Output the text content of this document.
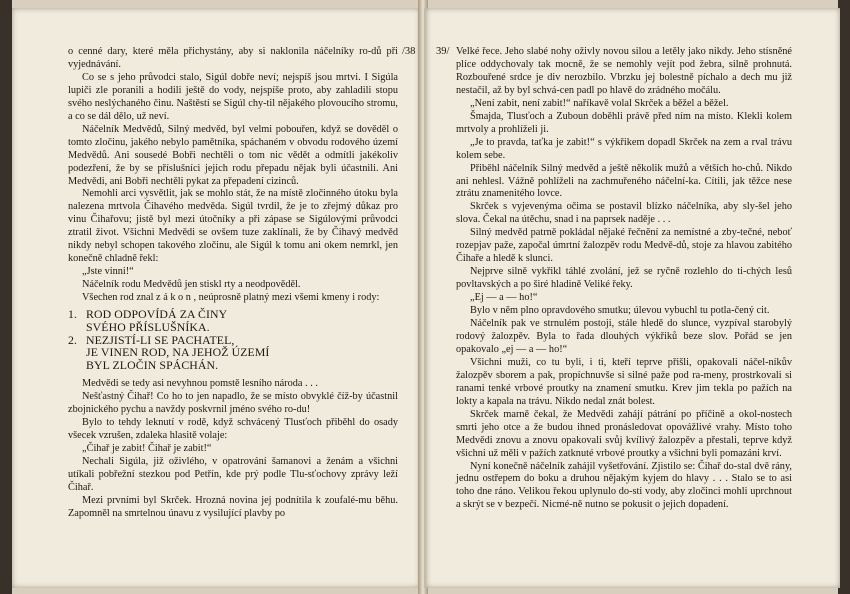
/38

o cenné dary, které měla přichystány, aby si naklonila náčelníky ro-dů při vyjednávání.

Co se s jeho průvodci stalo, Sigúl dobře neví; nejspíš jsou mrtvi. I Sigúla lupiči zle poranili a hodili ještě do vody, nejspíše proto, aby zahladili stopu svého neslýchaného činu. Naštěstí se Sigúl chy-til nějakého plovoucího stromu, a co se dál dělo, už neví.

Náčelník Medvědů, Silný medvěd, byl velmi pobouřen, když se dověděl o tomto zločinu, jakého nebylo pamětníka, spáchaném v obvodu rodového území Medvědů. Ani sousedé Bobři nechtěli o tom nic vědět a odmítli jakékoliv podezření, že by se příslušníci jejich rodu přepadu nějak byli účastnili. Ani Medvědi, ani Bobři nechtěli pykat za přepadení cizinců.

Nemohli arci vysvětlit, jak se mohlo stát, že na místě zločinného útoku byla nalezena mrtvola Čihavého medvěda. Sigúl tvrdil, že je to zřejmý důkaz pro vinu Čihařovu; jistě byl mezi útočníky a při zápase se Sigúlovými průvodci ztratil život. Všichni Medvědi se ovšem tuze zaklínali, že by Čihavý medvěd nikdy nebyl schopen takového zločinu, ale Sigúl k tomu ani okem nemrkl, jen konečně chladně řekl:

„Jste vinni!“

Náčelník rodu Medvědů jen stiskl rty a neodpověděl.

Všechen rod znal z á k o n , neúprosně platný mezi všemi kmeny i rody:

1. ROD ODPOVÍDÁ ZA ČINY
SVÉHO PŘÍSLUŠNÍKA.
2. NEZJISTÍ-LI SE PACHATEL,
JE VINEN ROD, NA JEHOŽ ÚZEMÍ
BYL ZLOČIN SPÁCHÁN.

Medvědi se tedy asi nevyhnou pomstě lesního národa . . .

Nešťastný Čihař! Co ho to jen napadlo, že se místo obvyklé číž-by účastnil zbojnického pychu a navždy poskvrnil jméno svého ro-du!

Bylo to tehdy leknutí v rodě, když schvácený Tlusťoch přiběhl do osady všecek vzrušen, zdaleka hlasitě volaje:

„Čihař je zabit! Čihař je zabit!“

Nechali Sigúla, již oživlého, v opatrování šamanovi a ženám a všichni utíkali pobřežní stezkou pod Petřín, kde prý podle Tlu-sťochovy zprávy leží Čihař.

Mezi prvními byl Skrček. Hrozná novina jej podnítila k zoufalé-mu běhu. Zapomněl na smrtelnou únavu z vysilující plavby po

39/ Velké řece. Jeho slabé nohy oživly novou silou a letěly jako nikdy. Jeho stísněné plíce oddychovaly tak mocně, že se nemohly vejít pod žebra, silně prohnutá. Rozbouřené srdce je div nerozbilo. Vbrzku jej bolestně píchalo a dech mu již nestačil, až by byl schvá-cen padl po hlavě do zrádného močálu.

„Není zabit, není zabit!“ naříkavě volal Skrček a běžel a běžel.

Šmajda, Tlusťoch a Zuboun doběhli právě před ním na místo. Klekli kolem mrtvoly a prohlíželi ji.

„Je to pravda, taťka je zabit!“ s výkřikem dopadl Skrček na zem a rval trávu kolem sebe.

Přiběhl náčelník Silný medvěd a ještě několik mužů a větších ho-chů. Nikdo ani nehlesl. Vážně pohlíželi na zachmuřeného náčelní-ka. Cítili, jak těžce nese ztrátu znamenitého lovce.

Skrček s vyjevenýma očima se postavil blízko náčelníka, aby sly-šel jeho slova. Čekal na útěchu, snad i na paprsek naděje . . .

Silný medvěd patrně pokládal nějaké řečnění za nemístné a zby-tečné, neboť rozepjav paže, započal úmrtní žalozpěv rodu Medvě-dů, stoje za hlavou zabitého Čihaře a hledě k slunci.

Nejprve silně vykřikl táhlé zvolání, jež se ryčně rozlehlo do ti-chých lesů povltavských a po širé hladině Veliké řeky.

„Ej — a — ho!“

Bylo v něm plno opravdového smutku; úlevou vybuchl tu potla-čený cit.

Náčelník pak ve strnulém postoji, stále hledě do slunce, vyzpíval starobylý rodový žalozpěv. Byla to řada dlouhých výkřiků beze slov. Pořád se jen opakovalo „ej — a — ho!“

Všichni muži, co tu byli, i ti, kteří teprve přišli, opakovali náčel-níkův žalozpěv sborem a pak, propíchnuvše si silné paže pod ra-meny, prostrkovali si ranami tenké vrbové proutky na znamení smutku. Krev jim tekla po pažích na lokty a kapala na trávu. Nikdo nedal znát bolest.

Skrček marně čekal, že Medvědi zahájí pátrání po příčině a okol-nostech smrti jeho otce a že budou ihned pronásledovat opovážlivé vrahy. Místo toho Medvědi znovu a znovu opakovali svůj kvílivý žalozpěv a přestali, teprve když všichni už měli v pažích zatknuté vrbové proutky a všichni byli pomazáni krví.

Nyní konečně náčelník zahájil vyšetřování. Zjistilo se: Čihař do-stal dvě rány, jednu ostřepem do boku a druhou nějakým kyjem do hlavy . . . Stalo se to asi toho dne ráno. Velikou řekou uplynulo do-sti vody, aby zločinci mohli uprchnout a skrýt se v bezpečí. Nicmé-ně nutno se pokusit o jejich dopadení.
